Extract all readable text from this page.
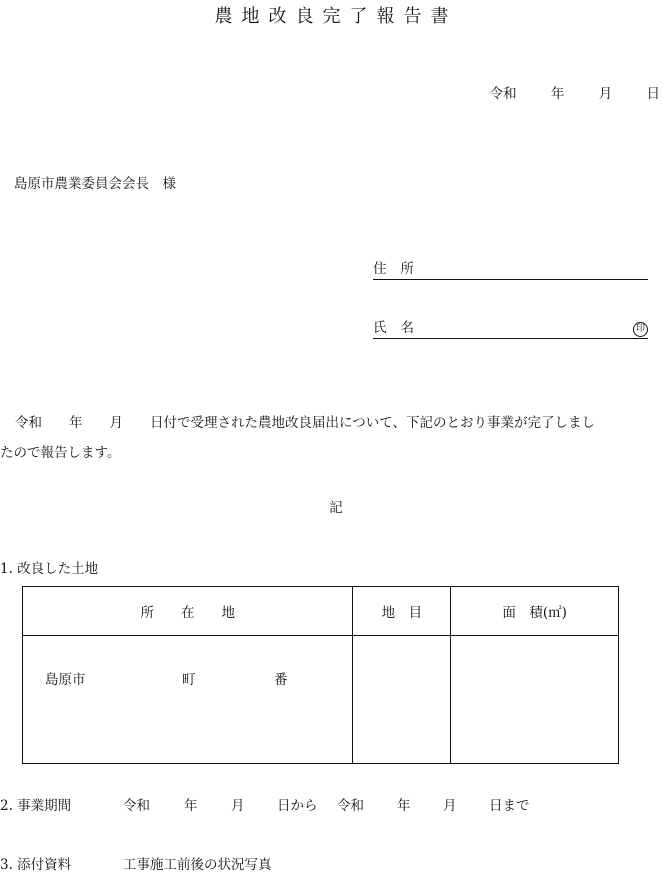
農地改良完了報告書
令和	年	月	日
島原市農業委員会会長　様
住所
氏名	印
令和　　年　　月　　日付で受理された農地改良届出について、下記のとおり事業が完了しまし
たので報告します。
記
1. 改良した土地
所　　在　　地	地　目	面　積(㎡)

島原市 町 番		

2. 事業期間	令和	年 月 日から 令和 年 月 日まで
3. 添付資料	工事施工前後の状況写真
